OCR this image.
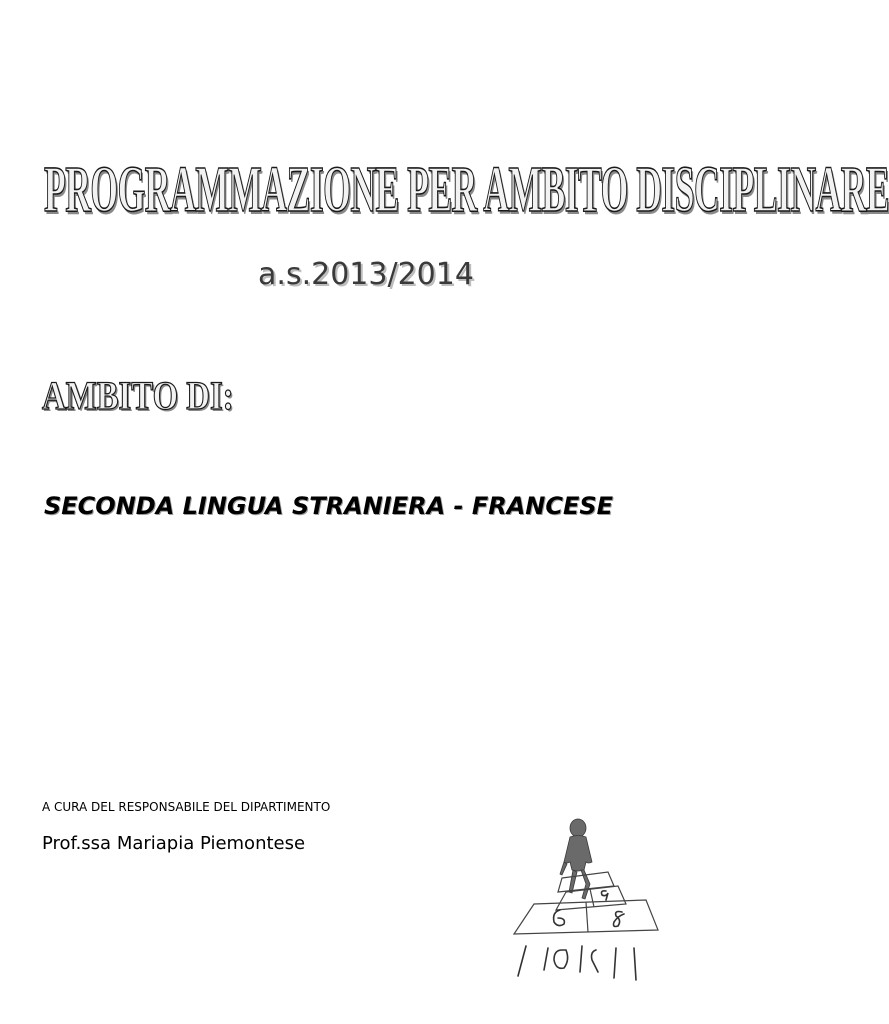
PROGRAMMAZIONE PER AMBITO DISCIPLINARE
a.s.2013/2014
AMBITO DI:
SECONDA LINGUA STRANIERA - FRANCESE
A CURA DEL RESPONSABILE DEL DIPARTIMENTO
Prof.ssa Mariapia Piemontese
